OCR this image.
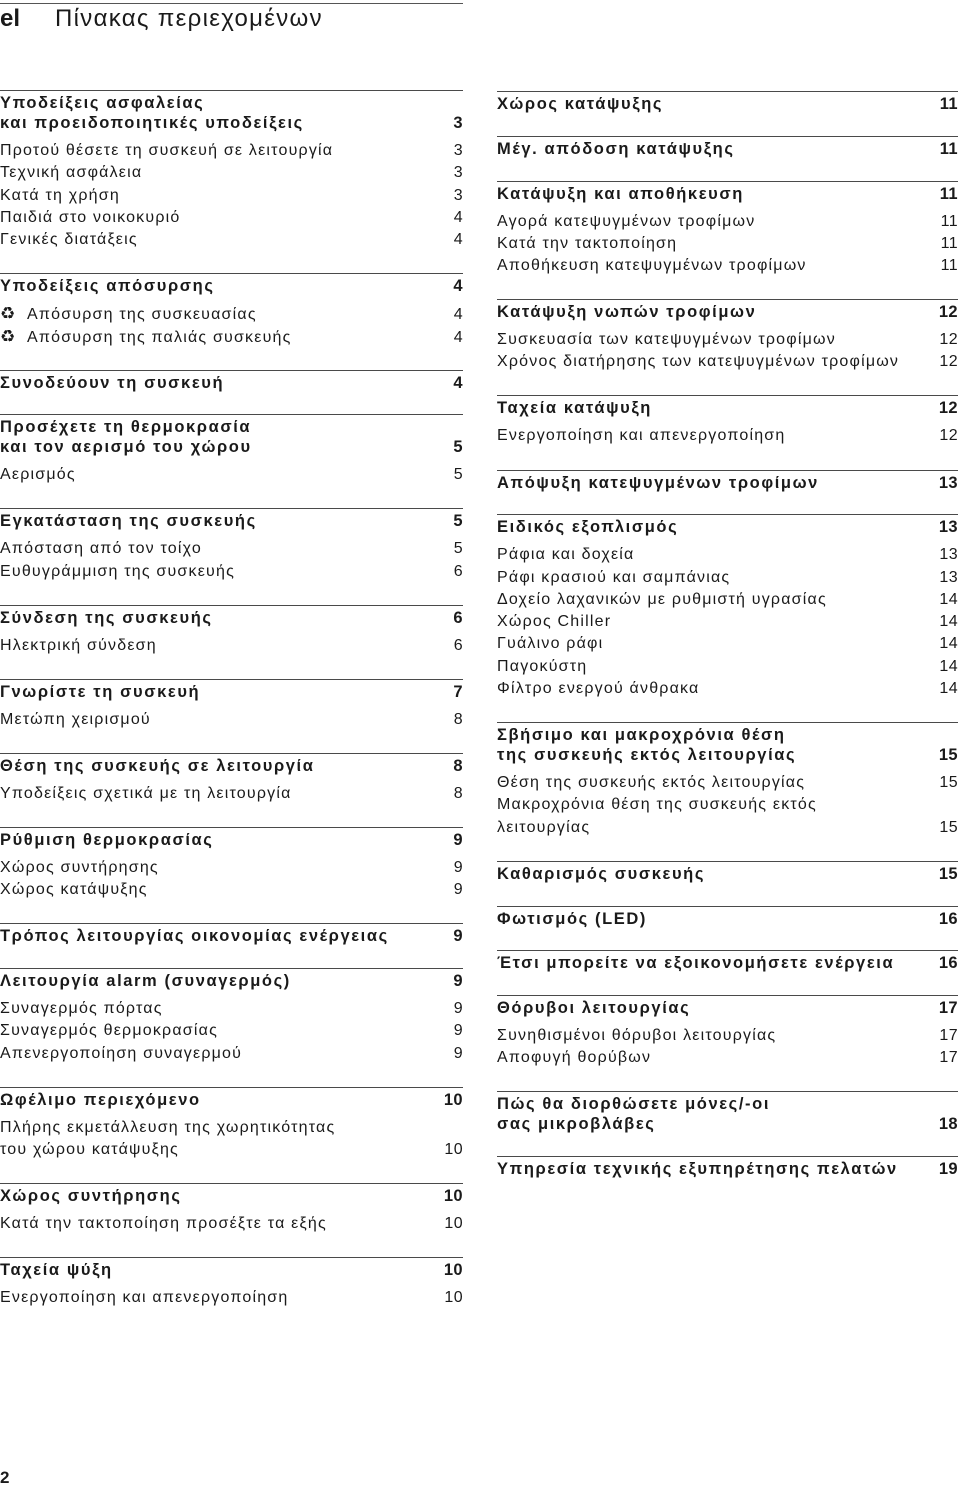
el Πίνακας περιεχομένων
Υποδείξεις ασφαλείας
και προειδοποιητικές υποδείξεις	3
Προτού θέσετε τη συσκευή σε λειτουργία	3
Τεχνική ασφάλεια	3
Κατά τη χρήση	3
Παιδιά στο νοικοκυριό	4
Γενικές διατάξεις	4
Υποδείξεις απόσυρσης	4
♻ Απόσυρση της συσκευασίας	4
♻ Απόσυρση της παλιάς συσκευής	4
Συνοδεύουν τη συσκευή	4
Προσέχετε τη θερμοκρασία
και τον αερισμό του χώρου	5
Αερισμός	5
Εγκατάσταση της συσκευής	5
Απόσταση από τον τοίχο	5
Ευθυγράμμιση της συσκευής	6
Σύνδεση της συσκευής	6
Ηλεκτρική σύνδεση	6
Γνωρίστε τη συσκευή	7
Μετώπη χειρισμού	8
Θέση της συσκευής σε λειτουργία	8
Υποδείξεις σχετικά με τη λειτουργία	8
Ρύθμιση θερμοκρασίας	9
Χώρος συντήρησης	9
Χώρος κατάψυξης	9
Τρόπος λειτουργίας οικονομίας ενέργειας	9
Λειτουργία alarm (συναγερμός)	9
Συναγερμός πόρτας	9
Συναγερμός θερμοκρασίας	9
Απενεργοποίηση συναγερμού	9
Ωφέλιμο περιεχόμενο	10
Πλήρης εκμετάλλευση της χωρητικότητας
του χώρου κατάψυξης	10
Χώρος συντήρησης	10
Κατά την τακτοποίηση προσέξτε τα εξής	10
Ταχεία ψύξη	10
Ενεργοποίηση και απενεργοποίηση	10
Χώρος κατάψυξης	11
Μέγ. απόδοση κατάψυξης	11
Κατάψυξη και αποθήκευση	11
Αγορά κατεψυγμένων τροφίμων	11
Κατά την τακτοποίηση	11
Αποθήκευση κατεψυγμένων τροφίμων	11
Κατάψυξη νωπών τροφίμων	12
Συσκευασία των κατεψυγμένων τροφίμων	12
Χρόνος διατήρησης των κατεψυγμένων τροφίμων	12
Ταχεία κατάψυξη	12
Ενεργοποίηση και απενεργοποίηση	12
Απόψυξη κατεψυγμένων τροφίμων	13
Ειδικός εξοπλισμός	13
Ράφια και δοχεία	13
Ράφι κρασιού και σαμπάνιας	13
Δοχείο λαχανικών με ρυθμιστή υγρασίας	14
Χώρος Chiller	14
Γυάλινο ράφι	14
Παγοκύστη	14
Φίλτρο ενεργού άνθρακα	14
Σβήσιμο και μακροχρόνια θέση
της συσκευής εκτός λειτουργίας	15
Θέση της συσκευής εκτός λειτουργίας	15
Μακροχρόνια θέση της συσκευής εκτός
λειτουργίας	15
Καθαρισμός συσκευής	15
Φωτισμός (LED)	16
Έτσι μπορείτε να εξοικονομήσετε ενέργεια	16
Θόρυβοι λειτουργίας	17
Συνηθισμένοι θόρυβοι λειτουργίας	17
Αποφυγή θορύβων	17
Πώς θα διορθώσετε μόνες/-οι
σας μικροβλάβες	18
Υπηρεσία τεχνικής εξυπηρέτησης πελατών	19
2
